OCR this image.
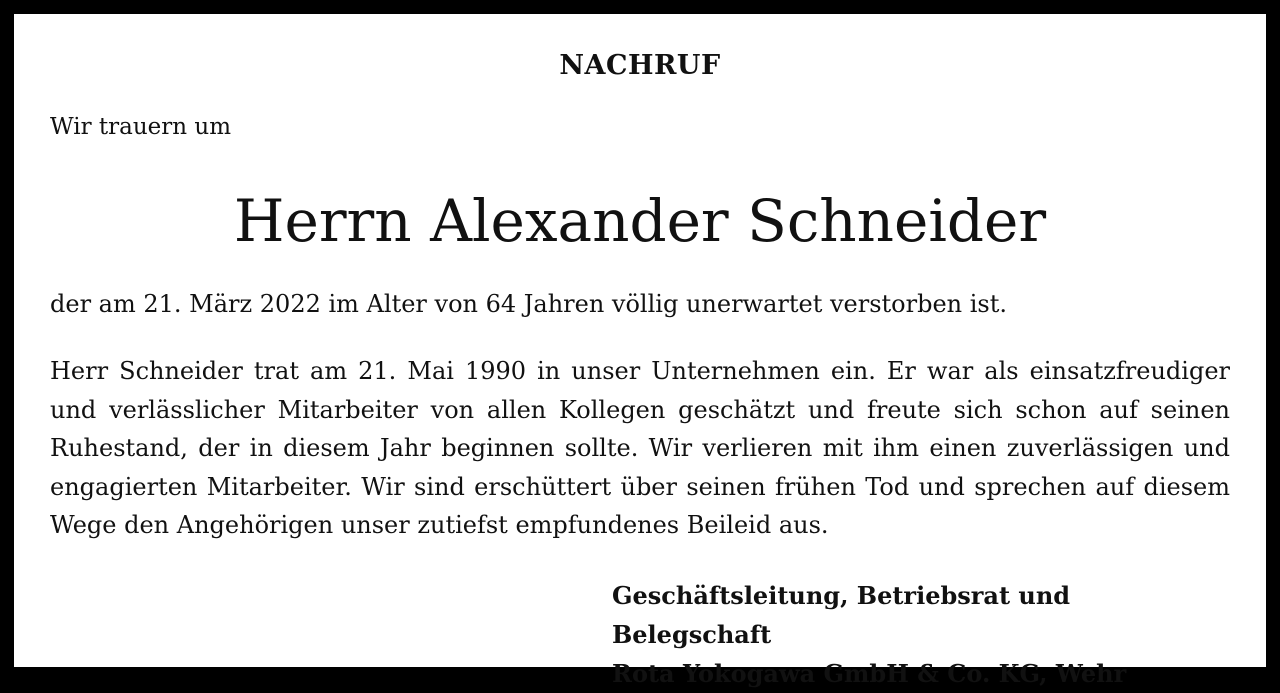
NACHRUF
Wir trauern um
Herrn Alexander Schneider
der am 21. März 2022 im Alter von 64 Jahren völlig unerwartet verstorben ist.
Herr Schneider trat am 21. Mai 1990 in unser Unternehmen ein. Er war als einsatzfreudiger und verlässlicher Mitarbeiter von allen Kollegen geschätzt und freute sich schon auf seinen Ruhestand, der in diesem Jahr beginnen sollte. Wir verlieren mit ihm einen zuverlässigen und engagierten Mitarbeiter. Wir sind erschüttert über seinen frühen Tod und sprechen auf diesem Wege den Angehörigen unser zutiefst empfundenes Beileid aus.
Geschäftsleitung, Betriebsrat und Belegschaft
Rota Yokogawa GmbH & Co. KG, Wehr
